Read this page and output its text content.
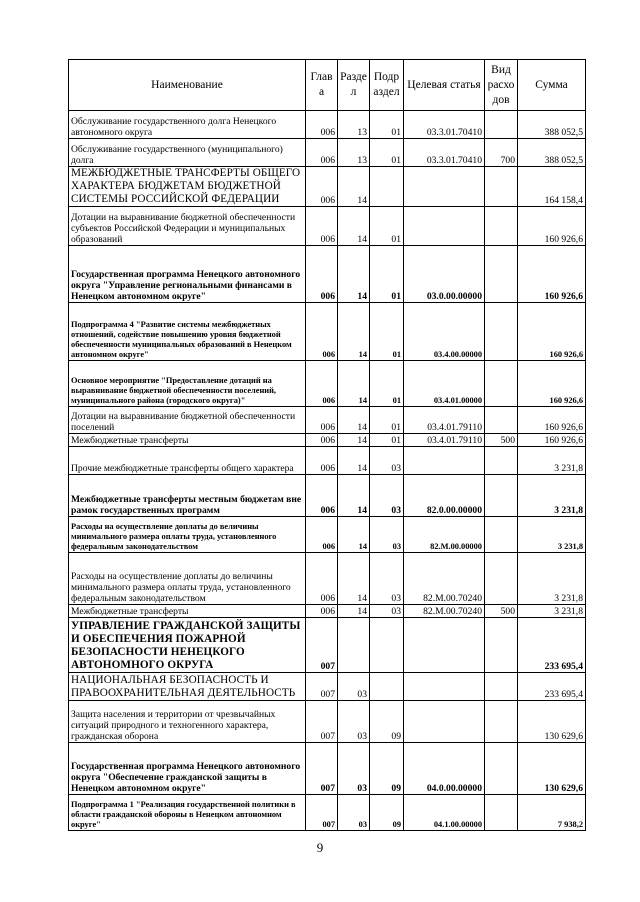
Наименование	Глав а	Разде л	Подр аздел	Целевая статья	Вид расхо дов	Сумма
Обслуживание государственного долга Ненецкого автономного округа	006	13	01	03.3.01.70410		388 052,5
Обслуживание государственного (муниципального) долга	006	13	01	03.3.01.70410	700	388 052,5
МЕЖБЮДЖЕТНЫЕ ТРАНСФЕРТЫ ОБЩЕГО ХАРАКТЕРА БЮДЖЕТАМ БЮДЖЕТНОЙ СИСТЕМЫ РОССИЙСКОЙ ФЕДЕРАЦИИ	006	14				164 158,4
Дотации на выравнивание бюджетной обеспеченности субъектов Российской Федерации и муниципальных образований	006	14	01			160 926,6
Государственная программа Ненецкого автономного округа "Управление региональными финансами в Ненецком автономном округе"	006	14	01	03.0.00.00000		160 926,6
Подпрограмма 4 "Развитие системы межбюджетных отношений, содействие повышению уровня бюджетной обеспеченности муниципальных образований в Ненецком автономном округе"	006	14	01	03.4.00.00000		160 926,6
Основное мероприятие "Предоставление дотаций на выравнивание бюджетной обеспеченности поселений, муниципального района (городского округа)"	006	14	01	03.4.01.00000		160 926,6
Дотации на выравнивание бюджетной обеспеченности поселений	006	14	01	03.4.01.79110		160 926,6
Межбюджетные трансферты	006	14	01	03.4.01.79110	500	160 926,6
Прочие межбюджетные трансферты общего характера	006	14	03			3 231,8
Межбюджетные трансферты местным бюджетам вне рамок государственных программ	006	14	03	82.0.00.00000		3 231,8
Расходы на осуществление доплаты до величины минимального размера оплаты труда, установленного федеральным законодательством	006	14	03	82.М.00.00000		3 231,8
Расходы на осуществление доплаты до величины минимального размера оплаты труда, установленного федеральным законодательством	006	14	03	82.М.00.70240		3 231,8
Межбюджетные трансферты	006	14	03	82.М.00.70240	500	3 231,8
УПРАВЛЕНИЕ ГРАЖДАНСКОЙ ЗАЩИТЫ И ОБЕСПЕЧЕНИЯ ПОЖАРНОЙ БЕЗОПАСНОСТИ НЕНЕЦКОГО АВТОНОМНОГО ОКРУГА	007					233 695,4
НАЦИОНАЛЬНАЯ БЕЗОПАСНОСТЬ И ПРАВООХРАНИТЕЛЬНАЯ ДЕЯТЕЛЬНОСТЬ	007	03				233 695,4
Защита населения и территории от чрезвычайных ситуаций природного и техногенного характера, гражданская оборона	007	03	09			130 629,6
Государственная программа Ненецкого автономного округа "Обеспечение гражданской защиты в Ненецком автономном округе"	007	03	09	04.0.00.00000		130 629,6
Подпрограмма 1 "Реализация государственной политики в области гражданской обороны в Ненецком автономном округе"	007	03	09	04.1.00.00000		7 938,2
9
